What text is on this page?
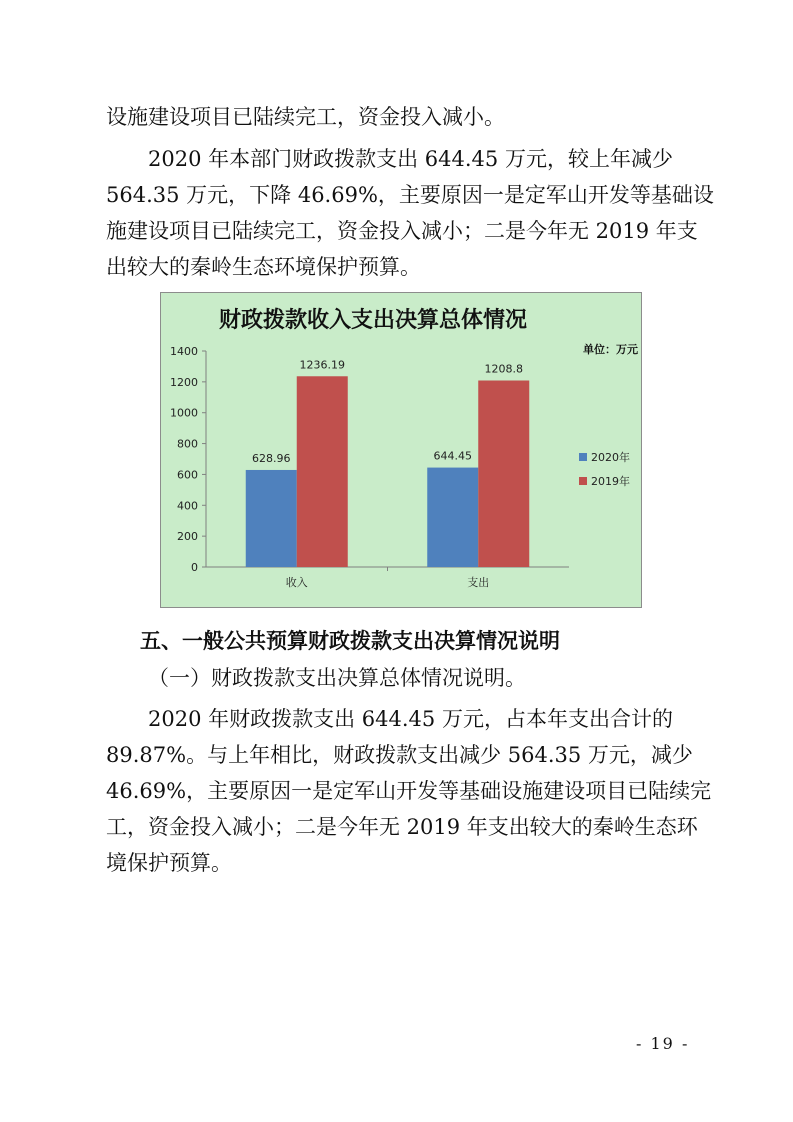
设施建设项目已陆续完工，资金投入减小。
2020 年本部门财政拨款支出 644.45 万元，较上年减少
564.35 万元，下降 46.69%，主要原因一是定军山开发等基础设
施建设项目已陆续完工，资金投入减小；二是今年无 2019 年支
出较大的秦岭生态环境保护预算。
财政拨款收入支出决算总体情况
单位：万元
0
200
400
600
800
1000
1200
1400
628.96
1236.19
收入
644.45
1208.8
支出
2020年
2019年
五、一般公共预算财政拨款支出决算情况说明
（一）财政拨款支出决算总体情况说明。
2020 年财政拨款支出 644.45 万元，占本年支出合计的
89.87%。与上年相比，财政拨款支出减少 564.35 万元，减少
46.69%，主要原因一是定军山开发等基础设施建设项目已陆续完
工，资金投入减小；二是今年无 2019 年支出较大的秦岭生态环
境保护预算。
- 19 -
